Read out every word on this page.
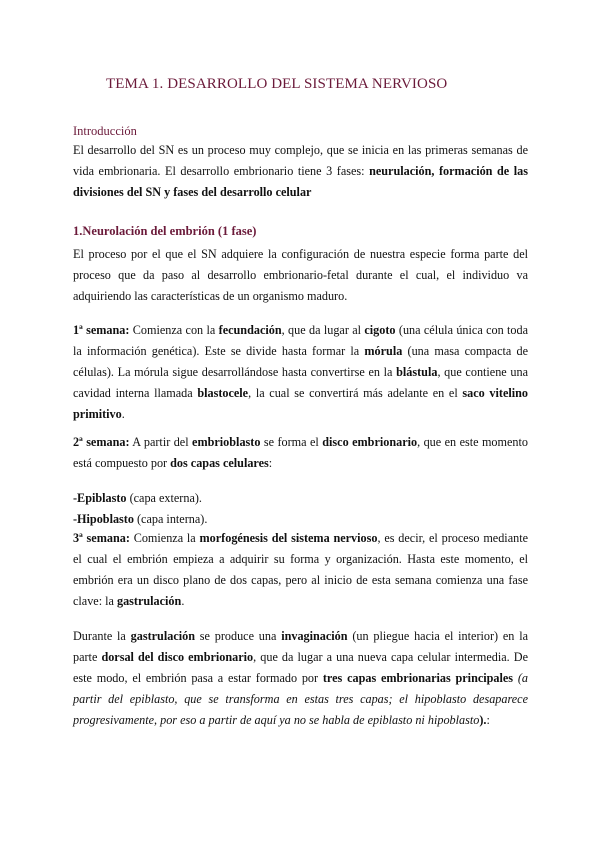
TEMA 1. DESARROLLO DEL SISTEMA NERVIOSO
Introducción
El desarrollo del SN es un proceso muy complejo, que se inicia en las primeras semanas de vida embrionaria. El desarrollo embrionario tiene 3 fases: neurulación, formación de las divisiones del SN y fases del desarrollo celular
1.Neurolación del embrión (1 fase)
El proceso por el que el SN adquiere la configuración de nuestra especie forma parte del proceso que da paso al desarrollo embrionario-fetal durante el cual, el individuo va adquiriendo las características de un organismo maduro.
1ª semana: Comienza con la fecundación, que da lugar al cigoto (una célula única con toda la información genética). Este se divide hasta formar la mórula (una masa compacta de células). La mórula sigue desarrollándose hasta convertirse en la blástula, que contiene una cavidad interna llamada blastocele, la cual se convertirá más adelante en el saco vitelino primitivo.
2ª semana: A partir del embrioblasto se forma el disco embrionario, que en este momento está compuesto por dos capas celulares:
-Epiblasto (capa externa).
-Hipoblasto (capa interna).
3ª semana: Comienza la morfogénesis del sistema nervioso, es decir, el proceso mediante el cual el embrión empieza a adquirir su forma y organización. Hasta este momento, el embrión era un disco plano de dos capas, pero al inicio de esta semana comienza una fase clave: la gastrulación.
Durante la gastrulación se produce una invaginación (un pliegue hacia el interior) en la parte dorsal del disco embrionario, que da lugar a una nueva capa celular intermedia. De este modo, el embrión pasa a estar formado por tres capas embrionarias principales (a partir del epiblasto, que se transforma en estas tres capas; el hipoblasto desaparece progresivamente, por eso a partir de aquí ya no se habla de epiblasto ni hipoblasto).:
